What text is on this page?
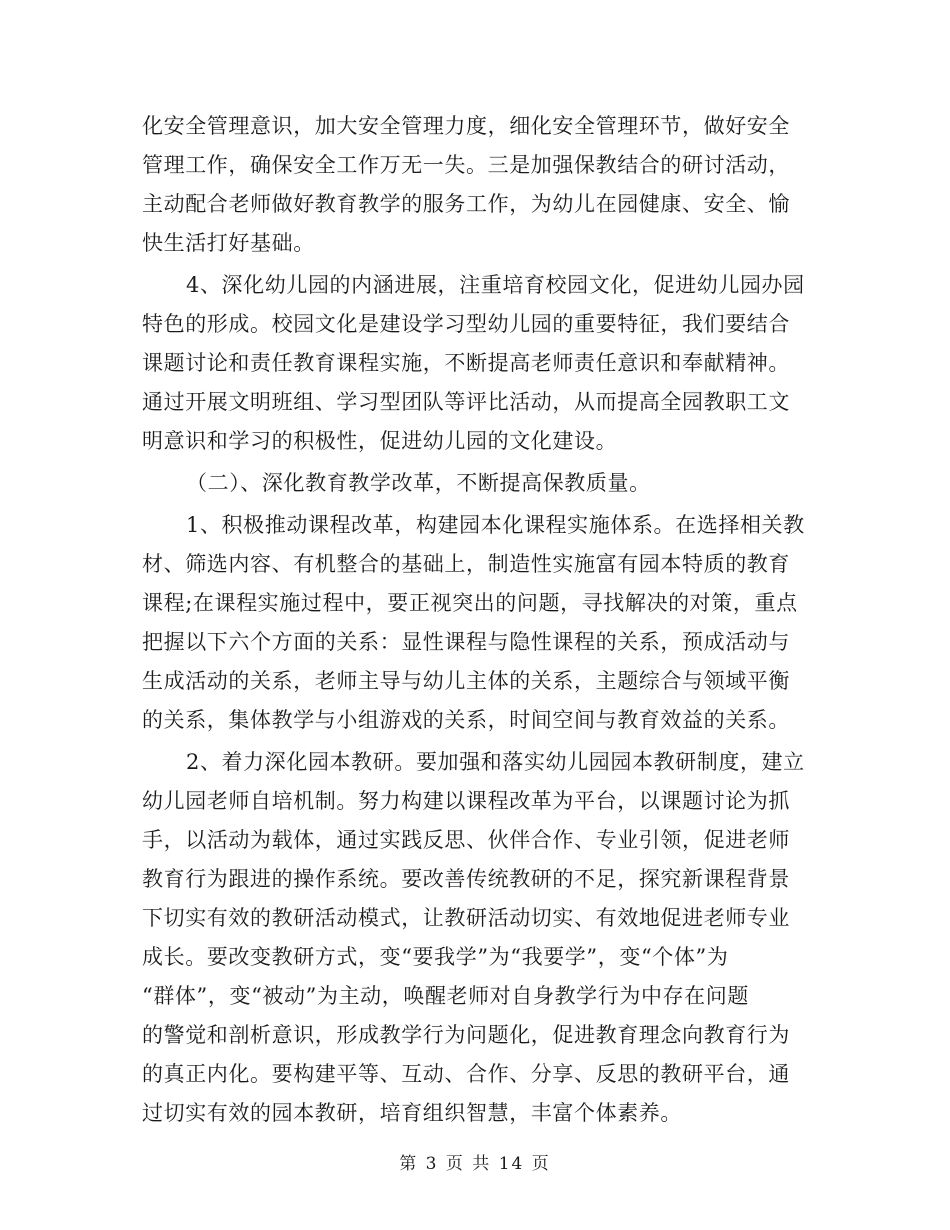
化安全管理意识，加大安全管理力度，细化安全管理环节，做好安全
管理工作，确保安全工作万无一失。三是加强保教结合的研讨活动，
主动配合老师做好教育教学的服务工作，为幼儿在园健康、安全、愉
快生活打好基础。
4、深化幼儿园的内涵进展，注重培育校园文化，促进幼儿园办园
特色的形成。校园文化是建设学习型幼儿园的重要特征，我们要结合
课题讨论和责任教育课程实施，不断提高老师责任意识和奉献精神。
通过开展文明班组、学习型团队等评比活动，从而提高全园教职工文
明意识和学习的积极性，促进幼儿园的文化建设。
（二）、深化教育教学改革，不断提高保教质量。
1、积极推动课程改革，构建园本化课程实施体系。在选择相关教
材、筛选内容、有机整合的基础上，制造性实施富有园本特质的教育
课程;在课程实施过程中，要正视突出的问题，寻找解决的对策，重点
把握以下六个方面的关系：显性课程与隐性课程的关系，预成活动与
生成活动的关系，老师主导与幼儿主体的关系，主题综合与领域平衡
的关系，集体教学与小组游戏的关系，时间空间与教育效益的关系。
2、着力深化园本教研。要加强和落实幼儿园园本教研制度，建立
幼儿园老师自培机制。努力构建以课程改革为平台，以课题讨论为抓
手，以活动为载体，通过实践反思、伙伴合作、专业引领，促进老师
教育行为跟进的操作系统。要改善传统教研的不足，探究新课程背景
下切实有效的教研活动模式，让教研活动切实、有效地促进老师专业
成长。要改变教研方式，变“要我学”为“我要学”，变“个体”为
“群体”，变“被动”为主动，唤醒老师对自身教学行为中存在问题
的警觉和剖析意识，形成教学行为问题化，促进教育理念向教育行为
的真正内化。要构建平等、互动、合作、分享、反思的教研平台，通
过切实有效的园本教研，培育组织智慧，丰富个体素养。
第 3 页 共 14 页
